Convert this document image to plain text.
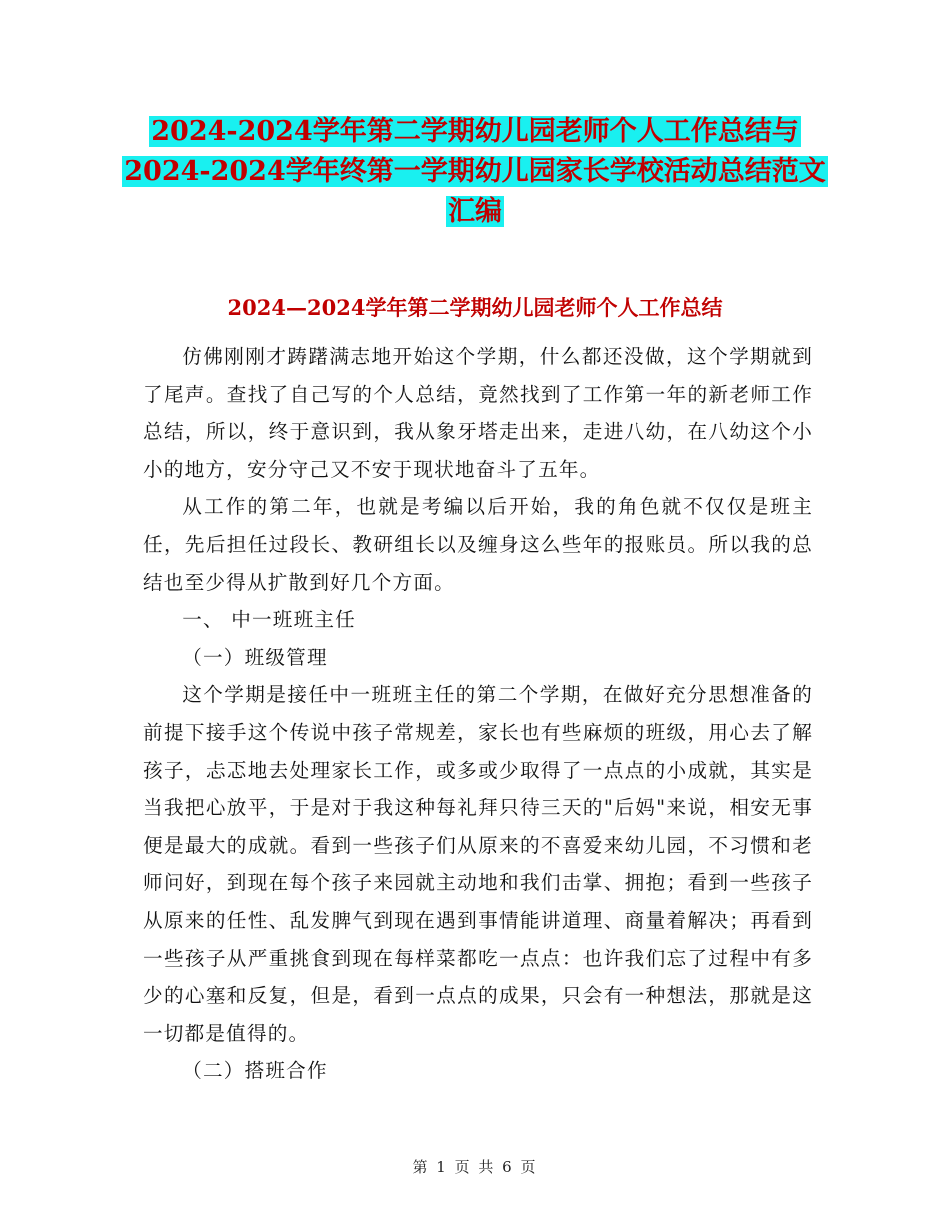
2024-2024学年第二学期幼儿园老师个人工作总结与
2024-2024学年终第一学期幼儿园家长学校活动总结范文
汇编
2024—2024学年第二学期幼儿园老师个人工作总结

仿佛刚刚才踌躇满志地开始这个学期，什么都还没做，这个学期就到了尾声。查找了自己写的个人总结，竟然找到了工作第一年的新老师工作总结，所以，终于意识到，我从象牙塔走出来，走进八幼，在八幼这个小小的地方，安分守己又不安于现状地奋斗了五年。

从工作的第二年，也就是考编以后开始，我的角色就不仅仅是班主任，先后担任过段长、教研组长以及缠身这么些年的报账员。所以我的总结也至少得从扩散到好几个方面。

一、 中一班班主任

（一）班级管理

这个学期是接任中一班班主任的第二个学期，在做好充分思想准备的前提下接手这个传说中孩子常规差，家长也有些麻烦的班级，用心去了解孩子，忐忑地去处理家长工作，或多或少取得了一点点的小成就，其实是当我把心放平，于是对于我这种每礼拜只待三天的"后妈"来说，相安无事便是最大的成就。看到一些孩子们从原来的不喜爱来幼儿园，不习惯和老师问好，到现在每个孩子来园就主动地和我们击掌、拥抱；看到一些孩子从原来的任性、乱发脾气到现在遇到事情能讲道理、商量着解决；再看到一些孩子从严重挑食到现在每样菜都吃一点点：也许我们忘了过程中有多少的心塞和反复，但是，看到一点点的成果，只会有一种想法，那就是这一切都是值得的。

（二）搭班合作

第 1 页 共 6 页
